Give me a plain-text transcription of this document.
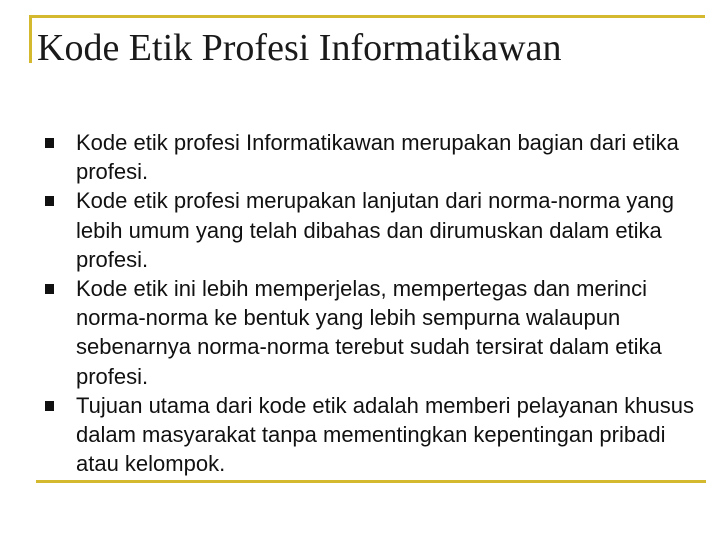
Kode Etik Profesi Informatikawan
Kode etik profesi Informatikawan merupakan bagian dari etika profesi.
Kode etik profesi merupakan lanjutan dari norma-norma yang lebih umum yang telah dibahas dan dirumuskan dalam etika profesi.
Kode etik ini lebih memperjelas, mempertegas dan merinci norma-norma ke bentuk yang lebih sempurna walaupun sebenarnya norma-norma terebut sudah tersirat dalam etika profesi.
Tujuan utama dari kode etik adalah memberi pelayanan khusus dalam masyarakat tanpa mementingkan kepentingan pribadi atau kelompok.
